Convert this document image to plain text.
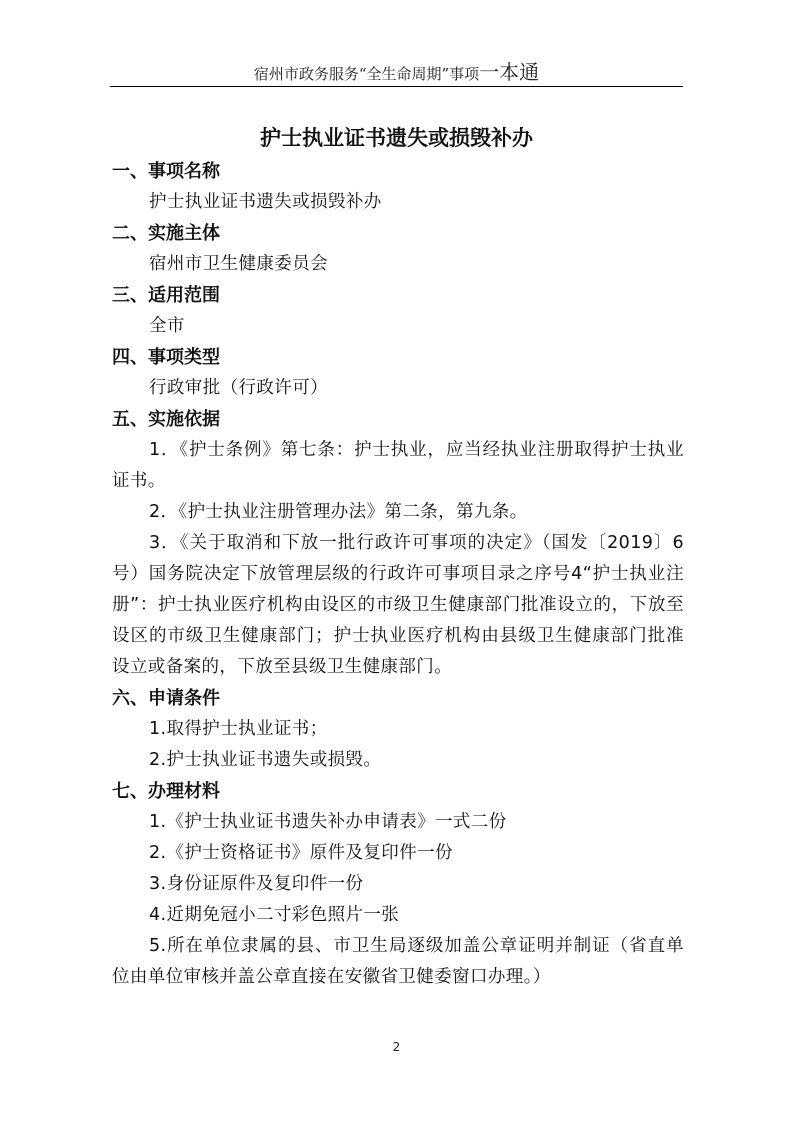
宿州市政务服务“全生命周期”事项一本通
护士执业证书遗失或损毁补办
一、事项名称

护士执业证书遗失或损毁补办

二、实施主体

宿州市卫生健康委员会

三、适用范围

全市

四、事项类型

行政审批（行政许可）

五、实施依据

1．《护士条例》第七条：护士执业，应当经执业注册取得护士执业证书。

2．《护士执业注册管理办法》第二条，第九条。

3．《关于取消和下放一批行政许可事项的决定》（国发〔2019〕6号）国务院决定下放管理层级的行政许可事项目录之序号4“护士执业注册”：护士执业医疗机构由设区的市级卫生健康部门批准设立的，下放至设区的市级卫生健康部门；护士执业医疗机构由县级卫生健康部门批准设立或备案的，下放至县级卫生健康部门。

六、申请条件

1.取得护士执业证书；

2.护士执业证书遗失或损毁。

七、办理材料

1.《护士执业证书遗失补办申请表》一式二份

2.《护士资格证书》原件及复印件一份

3.身份证原件及复印件一份

4.近期免冠小二寸彩色照片一张

5.所在单位隶属的县、市卫生局逐级加盖公章证明并制证（省直单位由单位审核并盖公章直接在安徽省卫健委窗口办理。）

2
